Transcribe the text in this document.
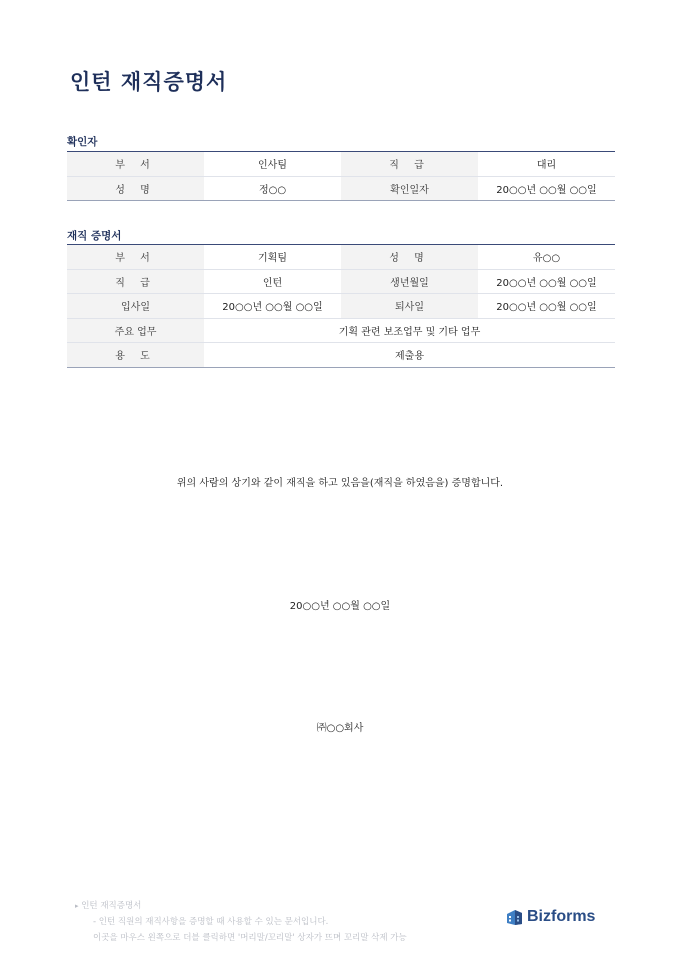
인턴 재직증명서
확인자
부 서	인사팀	직 급	대리
성 명	정○○	확인일자	20○○년 ○○월 ○○일
재직 증명서
부 서	기획팀	성 명	유○○
직 급	인턴	생년월일	20○○년 ○○월 ○○일
입사일	20○○년 ○○월 ○○일	퇴사일	20○○년 ○○월 ○○일
주요 업무	기획 관련 보조업무 및 기타 업무		
용 도	제출용		
위의 사람의 상기와 같이 재직을 하고 있음을(재직을 하였음을) 증명합니다.
20○○년 ○○월 ○○일
㈜○○회사
▸ 인턴 재직증명서
- 인턴 직원의 재직사항을 증명할 때 사용할 수 있는 문서입니다.
이곳을 마우스 왼쪽으로 더블 클릭하면 '머리말/꼬리말' 상자가 뜨며 꼬리말 삭제 가능
Bizforms
